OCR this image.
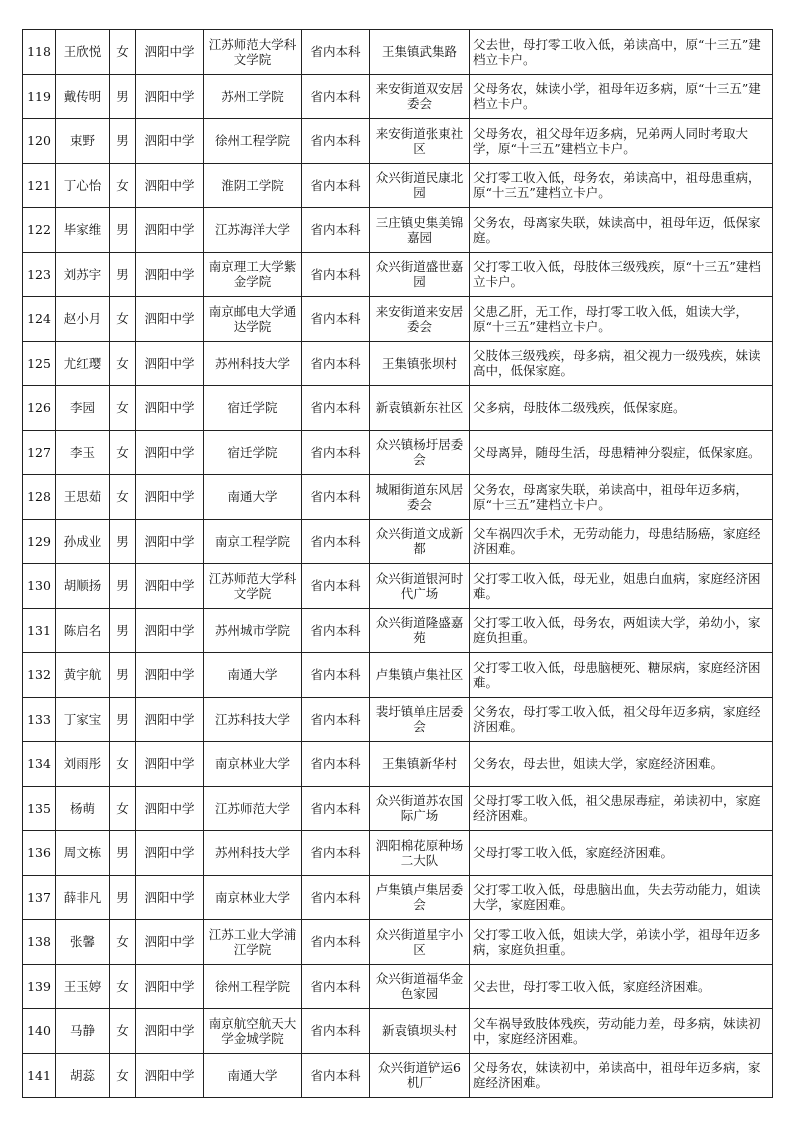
118	王欣悦	女	泗阳中学	江苏师范大学科文学院	省内本科	王集镇武集路	父去世，母打零工收入低，弟读高中，原“十三五”建档立卡户。
119	戴传明	男	泗阳中学	苏州工学院	省内本科	来安街道双安居委会	父母务农，妹读小学，祖母年迈多病，原“十三五”建档立卡户。
120	束野	男	泗阳中学	徐州工程学院	省内本科	来安街道张東社区	父母务农，祖父母年迈多病，兄弟两人同时考取大学，原“十三五”建档立卡户。
121	丁心怡	女	泗阳中学	淮阴工学院	省内本科	众兴街道民康北园	父打零工收入低，母务农，弟读高中，祖母患重病，原“十三五”建档立卡户。
122	毕家维	男	泗阳中学	江苏海洋大学	省内本科	三庄镇史集美锦嘉园	父务农，母离家失联，妹读高中，祖母年迈，低保家庭。
123	刘苏宇	男	泗阳中学	南京理工大学紫金学院	省内本科	众兴街道盛世嘉园	父打零工收入低，母肢体三级残疾，原“十三五”建档立卡户。
124	赵小月	女	泗阳中学	南京邮电大学通达学院	省内本科	来安街道来安居委会	父患乙肝，无工作，母打零工收入低，姐读大学，原“十三五”建档立卡户。
125	尤红璎	女	泗阳中学	苏州科技大学	省内本科	王集镇张坝村	父肢体三级残疾，母多病，祖父视力一级残疾，妹读高中，低保家庭。
126	李园	女	泗阳中学	宿迁学院	省内本科	新袁镇新东社区	父多病，母肢体二级残疾，低保家庭。
127	李玉	女	泗阳中学	宿迁学院	省内本科	众兴镇杨圩居委会	父母离异，随母生活，母患精神分裂症，低保家庭。
128	王思茹	女	泗阳中学	南通大学	省内本科	城厢街道东风居委会	父务农，母离家失联，弟读高中，祖母年迈多病，原“十三五”建档立卡户。
129	孙成业	男	泗阳中学	南京工程学院	省内本科	众兴街道文成新都	父车祸四次手术，无劳动能力，母患结肠癌，家庭经济困难。
130	胡顺扬	男	泗阳中学	江苏师范大学科文学院	省内本科	众兴街道银河时代广场	父打零工收入低，母无业，姐患白血病，家庭经济困难。
131	陈启名	男	泗阳中学	苏州城市学院	省内本科	众兴街道隆盛嘉苑	父打零工收入低，母务农，两姐读大学，弟幼小，家庭负担重。
132	黄宇航	男	泗阳中学	南通大学	省内本科	卢集镇卢集社区	父打零工收入低，母患脑梗死、糖尿病，家庭经济困难。
133	丁家宝	男	泗阳中学	江苏科技大学	省内本科	裴圩镇单庄居委会	父务农，母打零工收入低，祖父母年迈多病，家庭经济困难。
134	刘雨彤	女	泗阳中学	南京林业大学	省内本科	王集镇新华村	父务农，母去世，姐读大学，家庭经济困难。
135	杨萌	女	泗阳中学	江苏师范大学	省内本科	众兴街道苏农国际广场	父母打零工收入低，祖父患尿毒症，弟读初中，家庭经济困难。
136	周文栋	男	泗阳中学	苏州科技大学	省内本科	泗阳棉花原种场二大队	父母打零工收入低，家庭经济困难。
137	薛非凡	男	泗阳中学	南京林业大学	省内本科	卢集镇卢集居委会	父打零工收入低，母患脑出血，失去劳动能力，姐读大学，家庭困难。
138	张馨	女	泗阳中学	江苏工业大学浦江学院	省内本科	众兴街道星宇小区	父打零工收入低，姐读大学，弟读小学，祖母年迈多病，家庭负担重。
139	王玉婷	女	泗阳中学	徐州工程学院	省内本科	众兴街道福华金色家园	父去世，母打零工收入低，家庭经济困难。
140	马静	女	泗阳中学	南京航空航天大学金城学院	省内本科	新袁镇坝头村	父车祸导致肢体残疾，劳动能力差，母多病，妹读初中，家庭经济困难。
141	胡蕊	女	泗阳中学	南通大学	省内本科	众兴街道铲运6 机厂	父母务农，妹读初中，弟读高中，祖母年迈多病，家庭经济困难。
